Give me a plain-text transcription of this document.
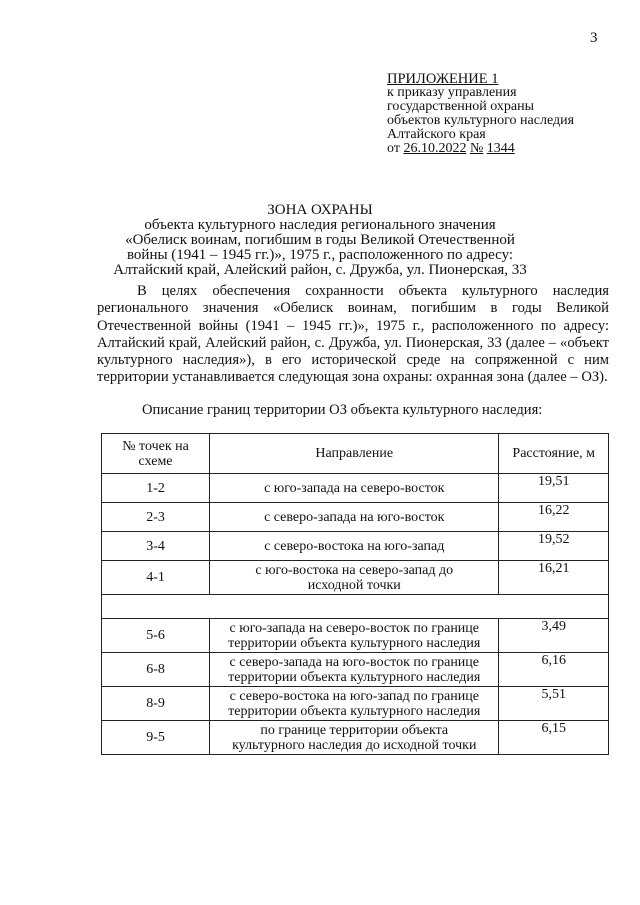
3
ПРИЛОЖЕНИЕ 1
к приказу управления
государственной охраны
объектов культурного наследия
Алтайского края
от 26.10.2022 № 1344
ЗОНА ОХРАНЫ
объекта культурного наследия регионального значения
«Обелиск воинам, погибшим в годы Великой Отечественной
войны (1941 – 1945 гг.)», 1975 г., расположенного по адресу:
Алтайский край, Алейский район, с. Дружба, ул. Пионерская, 33

В целях обеспечения сохранности объекта культурного наследия регионального значения «Обелиск воинам, погибшим в годы Великой Отечественной войны (1941 – 1945 гг.)», 1975 г., расположенного по адресу: Алтайский край, Алейский район, с. Дружба, ул. Пионерская, 33 (далее – «объект культурного наследия»), в его исторической среде на сопряженной с ним территории устанавливается следующая зона охраны: охранная зона (далее – ОЗ).

Описание границ территории ОЗ объекта культурного наследия:
№ точек на
схеме	Направление	Расстояние, м
1-2	с юго-запада на северо-восток	19,51
2-3	с северо-запада на юго-восток	16,22
3-4	с северо-востока на юго-запад	19,52
4-1	с юго-востока на северо-запад до
исходной точки	16,21

5-6	с юго-запада на северо-восток по границе
территории объекта культурного наследия	3,49
6-8	с северо-запада на юго-восток по границе
территории объекта культурного наследия	6,16
8-9	с северо-востока на юго-запад по границе
территории объекта культурного наследия	5,51
9-5	по границе территории объекта
культурного наследия до исходной точки	6,15
